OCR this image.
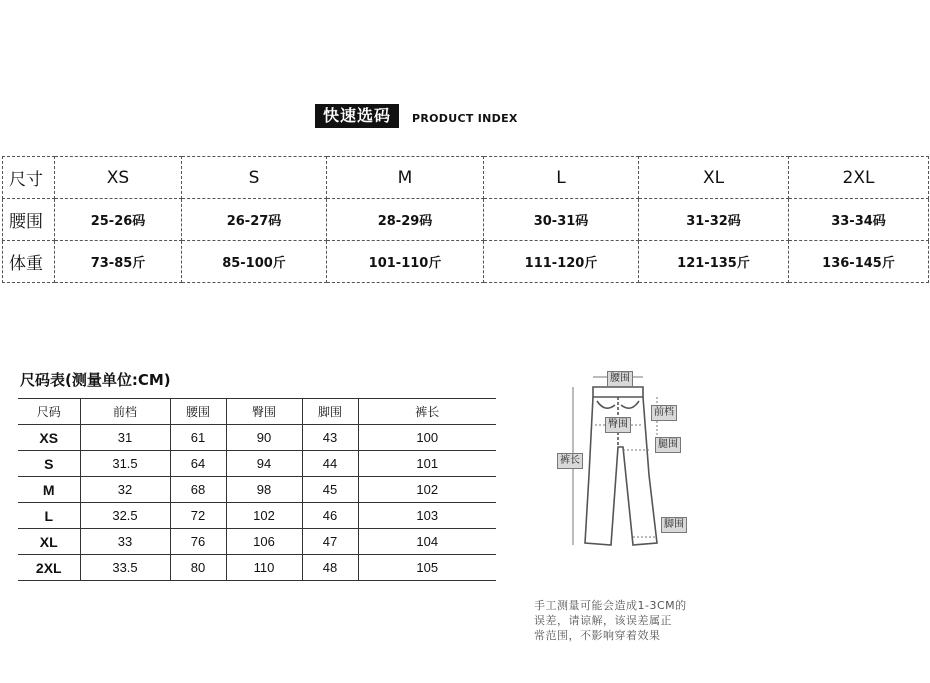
快速选码	PRODUCT INDEX
尺寸	XS	S	M	L	XL	2XL
腰围	25-26码	26-27码	28-29码	30-31码	31-32码	33-34码
体重	73-85斤	85-100斤	101-110斤	111-120斤	121-135斤	136-145斤
尺码表(测量单位:CM)
尺码	前档	腰围	臀围	脚围	裤长
XS	31	61	90	43	100
S	31.5	64	94	44	101
M	32	68	98	45	102
L	32.5	72	102	46	103
XL	33	76	106	47	104
2XL	33.5	80	110	48	105
腰围
前档
臀围
腿围
裤长
脚围
手工测量可能会造成1-3CM的
误差，请谅解，该误差属正
常范围，不影响穿着效果
